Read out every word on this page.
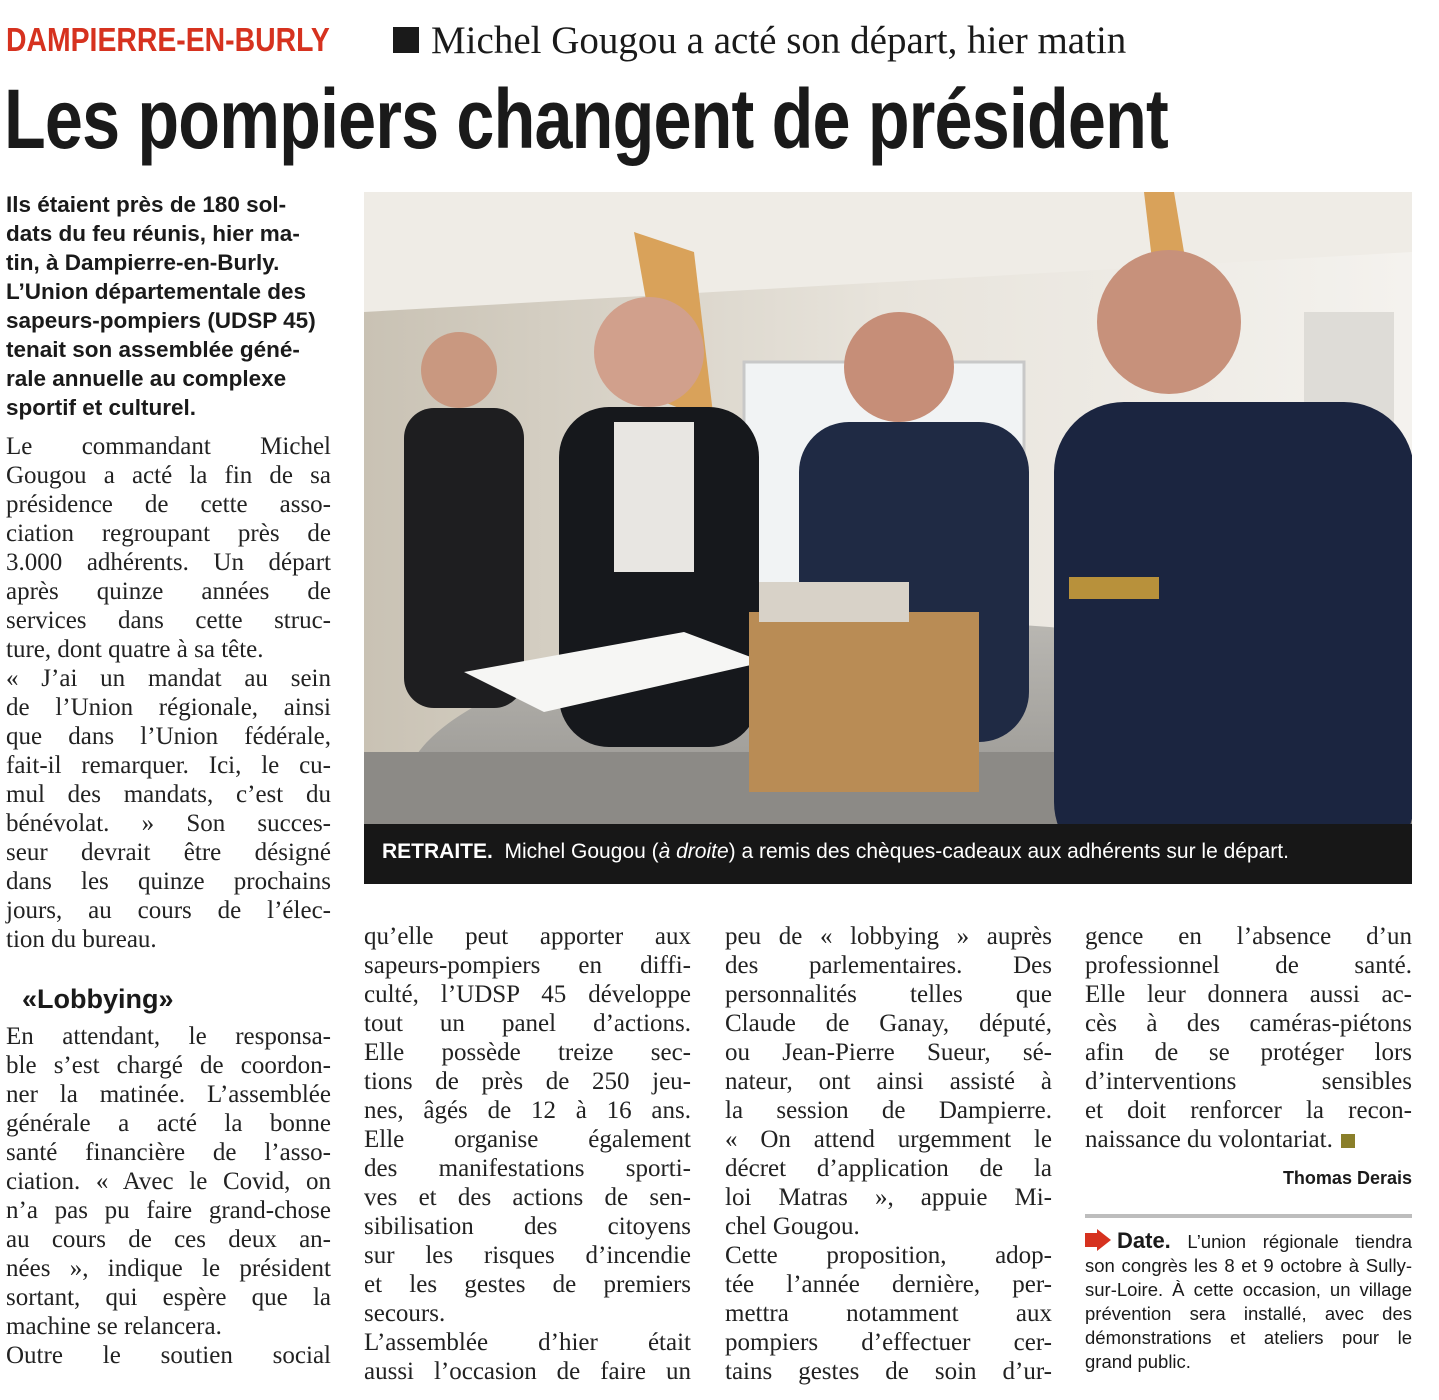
DAMPIERRE-EN-BURLY	Michel Gougou a acté son départ, hier matin
Les pompiers changent de président
Ils étaient près de 180 sol-
dats du feu réunis, hier ma-
tin, à Dampierre-en-Burly.
L’Union départementale des
sapeurs-pompiers (UDSP 45)
tenait son assemblée géné-
rale annuelle au complexe
sportif et culturel.
RETRAITE. Michel Gougou (à droite) a remis des chèques-cadeaux aux adhérents sur le départ.
Le commandant Michel
Gougou a acté la fin de sa
présidence de cette asso-
ciation regroupant près de
3.000 adhérents. Un départ
après quinze années de
services dans cette struc-
ture, dont quatre à sa tête.
« J’ai un mandat au sein
de l’Union régionale, ainsi
que dans l’Union fédérale,
fait-il remarquer. Ici, le cu-
mul des mandats, c’est du
bénévolat. » Son succes-
seur devrait être désigné
dans les quinze prochains
jours, au cours de l’élec-
tion du bureau.
«Lobbying»
En attendant, le responsa-
ble s’est chargé de coordon-
ner la matinée. L’assemblée
générale a acté la bonne
santé financière de l’asso-
ciation. « Avec le Covid, on
n’a pas pu faire grand-chose
au cours de ces deux an-
nées », indique le président
sortant, qui espère que la
machine se relancera.
Outre le soutien social
qu’elle peut apporter aux
sapeurs-pompiers en diffi-
culté, l’UDSP 45 développe
tout un panel d’actions.
Elle possède treize sec-
tions de près de 250 jeu-
nes, âgés de 12 à 16 ans.
Elle organise également
des manifestations sporti-
ves et des actions de sen-
sibilisation des citoyens
sur les risques d’incendie
et les gestes de premiers
secours.
L’assemblée d’hier était
aussi l’occasion de faire un
peu de « lobbying » auprès
des parlementaires. Des
personnalités telles que
Claude de Ganay, député,
ou Jean-Pierre Sueur, sé-
nateur, ont ainsi assisté à
la session de Dampierre.
« On attend urgemment le
décret d’application de la
loi Matras », appuie Mi-
chel Gougou.
Cette proposition, adop-
tée l’année dernière, per-
mettra notamment aux
pompiers d’effectuer cer-
tains gestes de soin d’ur-
gence en l’absence d’un
professionnel de santé.
Elle leur donnera aussi ac-
cès à des caméras-piétons
afin de se protéger lors
d’interventions sensibles
et doit renforcer la recon-
naissance du volontariat.
Thomas Derais
Date. L’union régionale tiendra
son congrès les 8 et 9 octobre à Sully-
sur-Loire. À cette occasion, un village
prévention sera installé, avec des
démonstrations et ateliers pour le
grand public.
